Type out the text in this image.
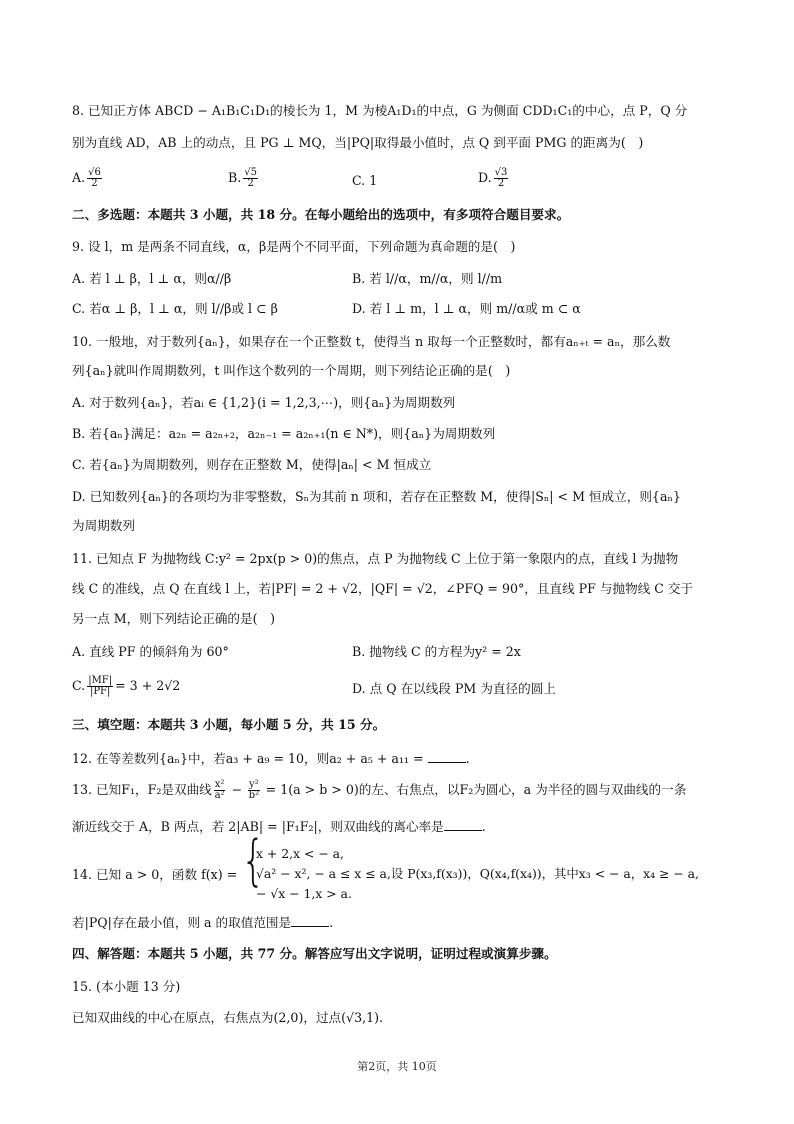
8. 已知正方体 ABCD − A₁B₁C₁D₁的棱长为 1，M 为棱A₁D₁的中点，G 为侧面 CDD₁C₁的中心，点 P，Q 分
别为直线 AD，AB 上的动点，且 PG ⊥ MQ，当|PQ|取得最小值时，点 Q 到平面 PMG 的距离为(　)
A. $\frac{√6}{2}$	B. $\frac{√5}{2}$	C. 1	D. $\frac{√3}{2}$
二、多选题：本题共 3 小题，共 18 分。在每小题给出的选项中，有多项符合题目要求。
9. 设 l，m 是两条不同直线，α，β是两个不同平面，下列命题为真命题的是(　)
A. 若 l ⊥ β，l ⊥ α，则α//β	B. 若 l//α，m//α，则 l//m
C. 若α ⊥ β，l ⊥ α，则 l//β或 l ⊂ β	D. 若 l ⊥ m，l ⊥ α，则 m//α或 m ⊂ α
10. 一般地，对于数列{aₙ}，如果存在一个正整数 t，使得当 n 取每一个正整数时，都有aₙ₊ₜ = aₙ，那么数
列{aₙ}就叫作周期数列，t 叫作这个数列的一个周期，则下列结论正确的是(　)
A. 对于数列{aₙ}，若aᵢ ∈ {1,2}(i = 1,2,3,⋯)，则{aₙ}为周期数列
B. 若{aₙ}满足：a₂ₙ = a₂ₙ₊₂，a₂ₙ₋₁ = a₂ₙ₊₁(n ∈ N*)，则{aₙ}为周期数列
C. 若{aₙ}为周期数列，则存在正整数 M，使得|aₙ| < M 恒成立
D. 已知数列{aₙ}的各项均为非零整数，Sₙ为其前 n 项和，若存在正整数 M，使得|Sₙ| < M 恒成立，则{aₙ}
为周期数列
11. 已知点 F 为抛物线 C:y² = 2px(p > 0)的焦点，点 P 为抛物线 C 上位于第一象限内的点，直线 l 为抛物
线 C 的准线，点 Q 在直线 l 上，若|PF| = 2 + √2，|QF| = √2，∠PFQ = 90°，且直线 PF 与抛物线 C 交于
另一点 M，则下列结论正确的是(　)
A. 直线 PF 的倾斜角为 60°	B. 抛物线 C 的方程为y² = 2x
C. $\frac{|MF|}{|PF|} = 3 + 2√2$	D. 点 Q 在以线段 PM 为直径的圆上
三、填空题：本题共 3 小题，每小题 5 分，共 15 分。
12. 在等差数列{aₙ}中，若a₃ + a₉ = 10，则a₂ + a₅ + a₁₁ =	.
13. 已知F₁，F₂是双曲线 $\frac{\text{x²}}{\text{a²}} - \frac{\text{y²}}{\text{b²}} = 1(a > b > 0)$的左、右焦点，以F₂为圆心，a 为半径的圆与双曲线的一条
渐近线交于 A，B 两点，若 2|AB| = |F₁F₂|，则双曲线的离心率是	.
14. 已知 a > 0，函数 f(x) = {
x + 2,x < − a,
√a² − x², − a ≤ x ≤ a,设 P(x₃,f(x₃))，Q(x₄,f(x₄))，其中x₃ < − a，x₄ ≥ − a,
− √x − 1,x > a.
若|PQ|存在最小值，则 a 的取值范围是	.
四、解答题：本题共 5 小题，共 77 分。解答应写出文字说明，证明过程或演算步骤。
15. (本小题 13 分)
已知双曲线的中心在原点，右焦点为(2,0)，过点(√3,1).
第2页，共 10页
